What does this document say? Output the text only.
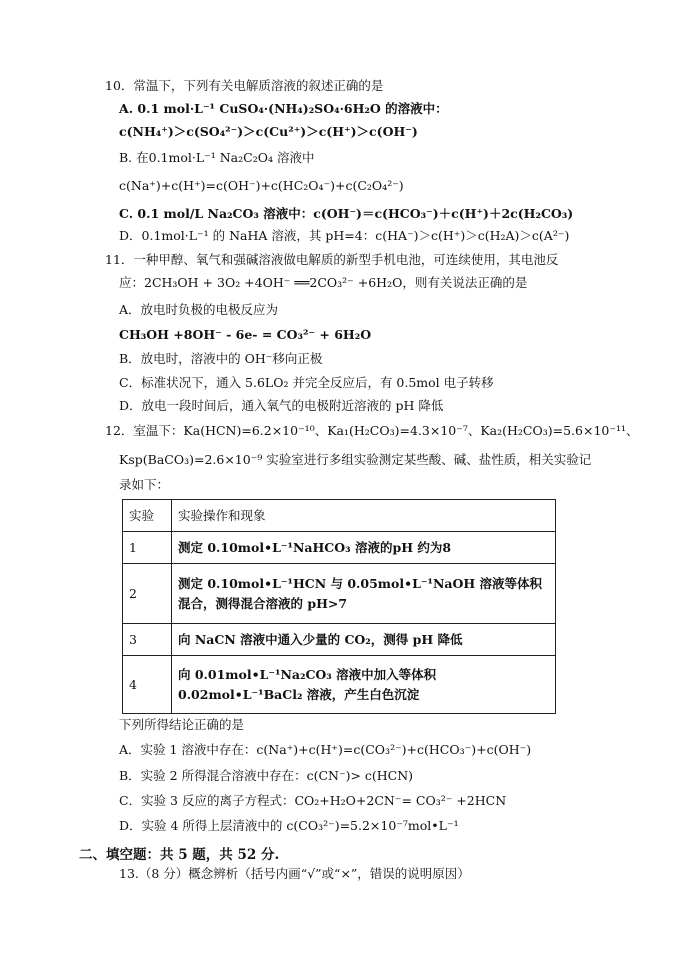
10．常温下，下列有关电解质溶液的叙述正确的是
A. 0.1 mol·L⁻¹ CuSO₄·(NH₄)₂SO₄·6H₂O 的溶液中：
c(NH₄⁺)＞c(SO₄²⁻)＞c(Cu²⁺)＞c(H⁺)＞c(OH⁻)
B. 在0.1mol·L⁻¹ Na₂C₂O₄ 溶液中
c(Na⁺)+c(H⁺)=c(OH⁻)+c(HC₂O₄⁻)+c(C₂O₄²⁻)
C. 0.1 mol/L Na₂CO₃ 溶液中：c(OH⁻)＝c(HCO₃⁻)＋c(H⁺)＋2c(H₂CO₃)
D．0.1mol·L⁻¹ 的 NaHA 溶液，其 pH=4：c(HA⁻)＞c(H⁺)＞c(H₂A)＞c(A²⁻)
11．一种甲醇、氧气和强碱溶液做电解质的新型手机电池，可连续使用，其电池反
应：2CH₃OH + 3O₂ +4OH⁻ ══2CO₃²⁻ +6H₂O，则有关说法正确的是
A．放电时负极的电极反应为
CH₃OH +8OH⁻ - 6e- = CO₃²⁻ + 6H₂O
B．放电时，溶液中的 OH⁻移向正极
C．标准状况下，通入 5.6LO₂ 并完全反应后，有 0.5mol 电子转移
D．放电一段时间后，通入氧气的电极附近溶液的 pH 降低
12．室温下：Ka(HCN)=6.2×10⁻¹⁰、Ka₁(H₂CO₃)=4.3×10⁻⁷、Ka₂(H₂CO₃)=5.6×10⁻¹¹、
Ksp(BaCO₃)=2.6×10⁻⁹ 实验室进行多组实验测定某些酸、碱、盐性质，相关实验记
录如下：
实验	实验操作和现象
1	测定 0.10mol•L⁻¹NaHCO₃ 溶液的pH 约为8
2	测定 0.10mol•L⁻¹HCN 与 0.05mol•L⁻¹NaOH 溶液等体积混合，测得混合溶液的 pH>7
3	向 NaCN 溶液中通入少量的 CO₂，测得 pH 降低
4	向 0.01mol•L⁻¹Na₂CO₃ 溶液中加入等体积 0.02mol•L⁻¹BaCl₂ 溶液，产生白色沉淀
下列所得结论正确的是
A．实验 1 溶液中存在：c(Na⁺)+c(H⁺)=c(CO₃²⁻)+c(HCO₃⁻)+c(OH⁻)
B．实验 2 所得混合溶液中存在：c(CN⁻)> c(HCN)
C．实验 3 反应的离子方程式：CO₂+H₂O+2CN⁻= CO₃²⁻ +2HCN
D．实验 4 所得上层清液中的 c(CO₃²⁻)=5.2×10⁻⁷mol•L⁻¹
二、填空题：共 5 题，共 52 分.
13.（8 分）概念辨析（括号内画“√”或“×”，错误的说明原因）
